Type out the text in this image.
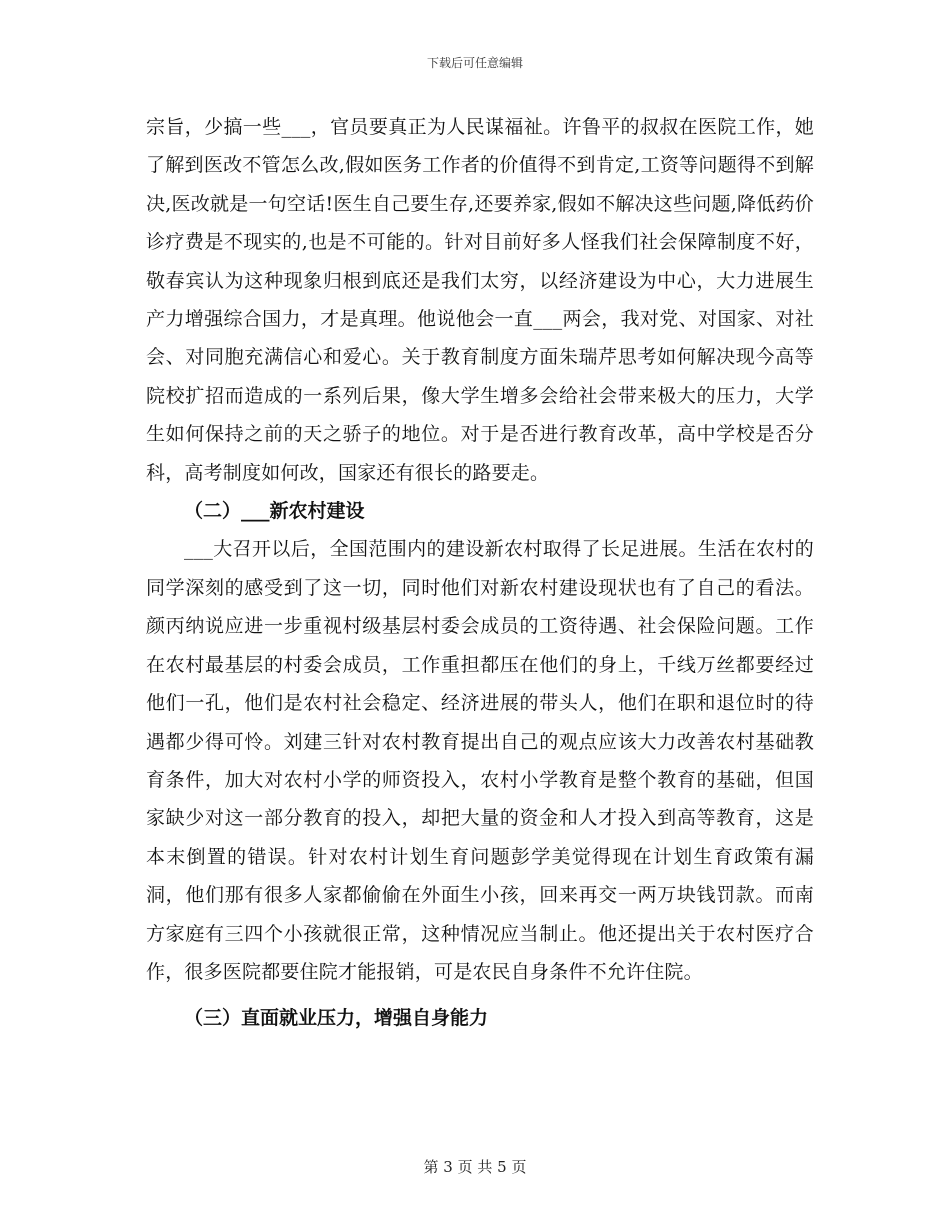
下载后可任意编辑

宗旨，少搞一些___，官员要真正为人民谋福祉。许鲁平的叔叔在医院工作，她了解到医改不管怎么改,假如医务工作者的价值得不到肯定,工资等问题得不到解决,医改就是一句空话!医生自己要生存,还要养家,假如不解决这些问题,降低药价诊疗费是不现实的,也是不可能的。针对目前好多人怪我们社会保障制度不好，敬春宾认为这种现象归根到底还是我们太穷，以经济建设为中心，大力进展生产力增强综合国力，才是真理。他说他会一直___两会，我对党、对国家、对社会、对同胞充满信心和爱心。关于教育制度方面朱瑞芹思考如何解决现今高等院校扩招而造成的一系列后果，像大学生增多会给社会带来极大的压力，大学生如何保持之前的天之骄子的地位。对于是否进行教育改革，高中学校是否分科，高考制度如何改，国家还有很长的路要走。

（二）___新农村建设

___大召开以后，全国范围内的建设新农村取得了长足进展。生活在农村的同学深刻的感受到了这一切，同时他们对新农村建设现状也有了自己的看法。颜丙纳说应进一步重视村级基层村委会成员的工资待遇、社会保险问题。工作在农村最基层的村委会成员，工作重担都压在他们的身上，千线万丝都要经过他们一孔，他们是农村社会稳定、经济进展的带头人，他们在职和退位时的待遇都少得可怜。刘建三针对农村教育提出自己的观点应该大力改善农村基础教育条件，加大对农村小学的师资投入，农村小学教育是整个教育的基础，但国家缺少对这一部分教育的投入，却把大量的资金和人才投入到高等教育，这是本末倒置的错误。针对农村计划生育问题彭学美觉得现在计划生育政策有漏洞，他们那有很多人家都偷偷在外面生小孩，回来再交一两万块钱罚款。而南方家庭有三四个小孩就很正常，这种情况应当制止。他还提出关于农村医疗合作，很多医院都要住院才能报销，可是农民自身条件不允许住院。

（三）直面就业压力，增强自身能力

第 3 页 共 5 页
